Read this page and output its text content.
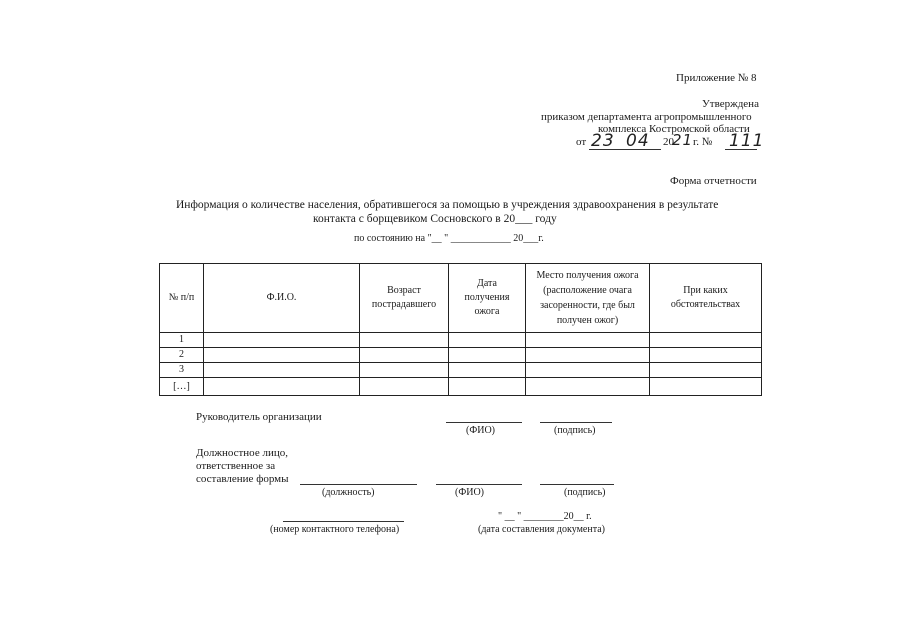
Приложение № 8
Утверждена
приказом департамента агропромышленного
комплекса Костромской области
от 23 04 20
21 г. № 111
Форма отчетности
Информация о количестве населения, обратившегося за помощью в учреждения здравоохранения в результате
контакта с борщевиком Сосновского в 20___ году
по состоянию на "__ " ____________ 20___г.
№ п/п	Ф.И.О.	Возраст пострадавшего	Дата получения ожога	Место получения ожога (расположение очага засоренности, где был получен ожог)	При каких обстоятельствах
1					
2					
3					
[…]					
Руководитель организации
(ФИО)	(подпись)
Должностное лицо,
ответственное за
составление формы
(должность)	(ФИО)	(подпись)
" __ " ________20__ г.
(номер контактного телефона)	(дата составления документа)
